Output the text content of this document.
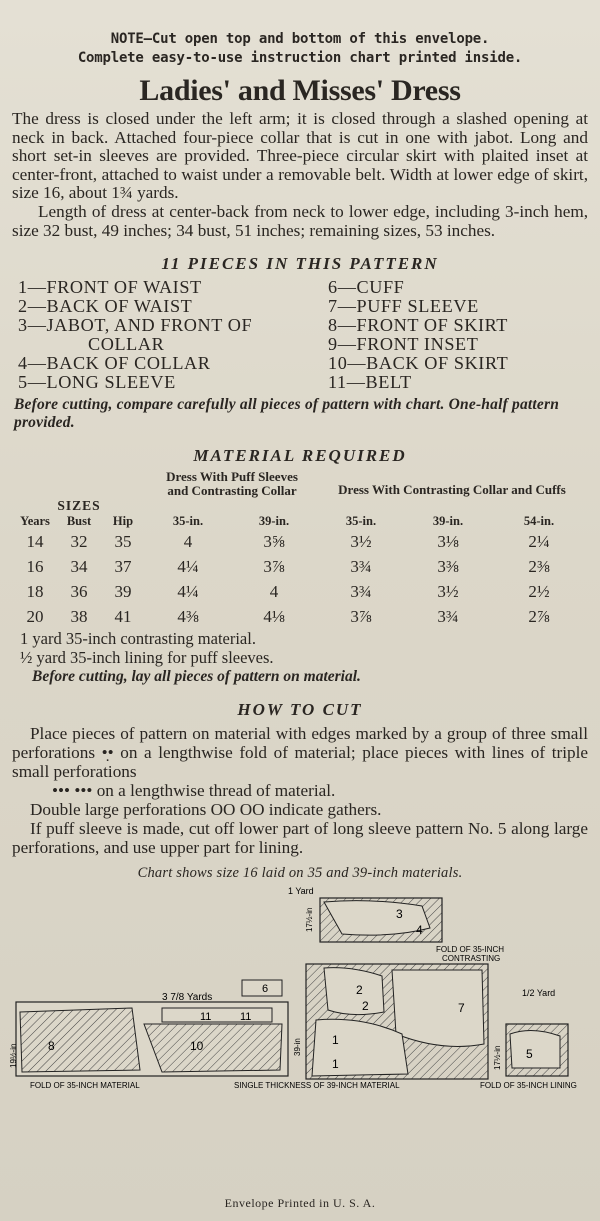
NOTE—Cut open top and bottom of this envelope.
Complete easy-to-use instruction chart printed inside.
Ladies' and Misses' Dress

The dress is closed under the left arm; it is closed through a slashed opening at neck in back. Attached four-piece collar that is cut in one with jabot. Long and short set-in sleeves are provided. Three-piece circular skirt with plaited inset at center-front, attached to waist under a removable belt. Width at lower edge of skirt, size 16, about 1¾ yards.

Length of dress at center-back from neck to lower edge, including 3-inch hem, size 32 bust, 49 inches; 34 bust, 51 inches; remaining sizes, 53 inches.

11 PIECES IN THIS PATTERN
1—FRONT OF WAIST
2—BACK OF WAIST
3—JABOT, AND FRONT OF
COLLAR
4—BACK OF COLLAR
5—LONG SLEEVE
6—CUFF
7—PUFF SLEEVE
8—FRONT OF SKIRT
9—FRONT INSET
10—BACK OF SKIRT
11—BELT
Before cutting, compare carefully all pieces of pattern with chart. One-half pattern provided.
MATERIAL REQUIRED
			Dress With Puff Sleeves and Contrasting Collar		Dress With Contrasting Collar and Cuffs		
SIZES							
Years	Bust	Hip	35-in.	39-in.	35-in.	39-in.	54-in.
14	32	35	4	3⅝	3½	3⅛	2¼
16	34	37	4¼	3⅞	3¾	3⅜	2⅜
18	36	39	4¼	4	3¾	3½	2½
20	38	41	4⅜	4⅛	3⅞	3¾	2⅞
1 yard 35-inch contrasting material.
½ yard 35-inch lining for puff sleeves.
Before cutting, lay all pieces of pattern on material.
HOW TO CUT

Place pieces of pattern on material with edges marked by a group of three small perforations •̣• on a lengthwise fold of material; place pieces with lines of triple small perforations
••• ••• on a lengthwise thread of material.

Double large perforations OO OO indicate gathers.

If puff sleeve is made, cut off lower part of long sleeve pattern No. 5 along large perforations, and use upper part for lining.

Chart shows size 16 laid on 35 and 39-inch materials.
3
4
1 Yard
17½-in
FOLD OF 35-INCH
CONTRASTING
2
2	7
1
1
39-in
8	10
11	11
6
3 7/8 Yards
19½-in	5
1/2 Yard
17½-in
FOLD OF 35-INCH MATERIAL	SINGLE THICKNESS OF 39-INCH MATERIAL	FOLD OF 35-INCH LINING
Envelope Printed in U. S. A.
